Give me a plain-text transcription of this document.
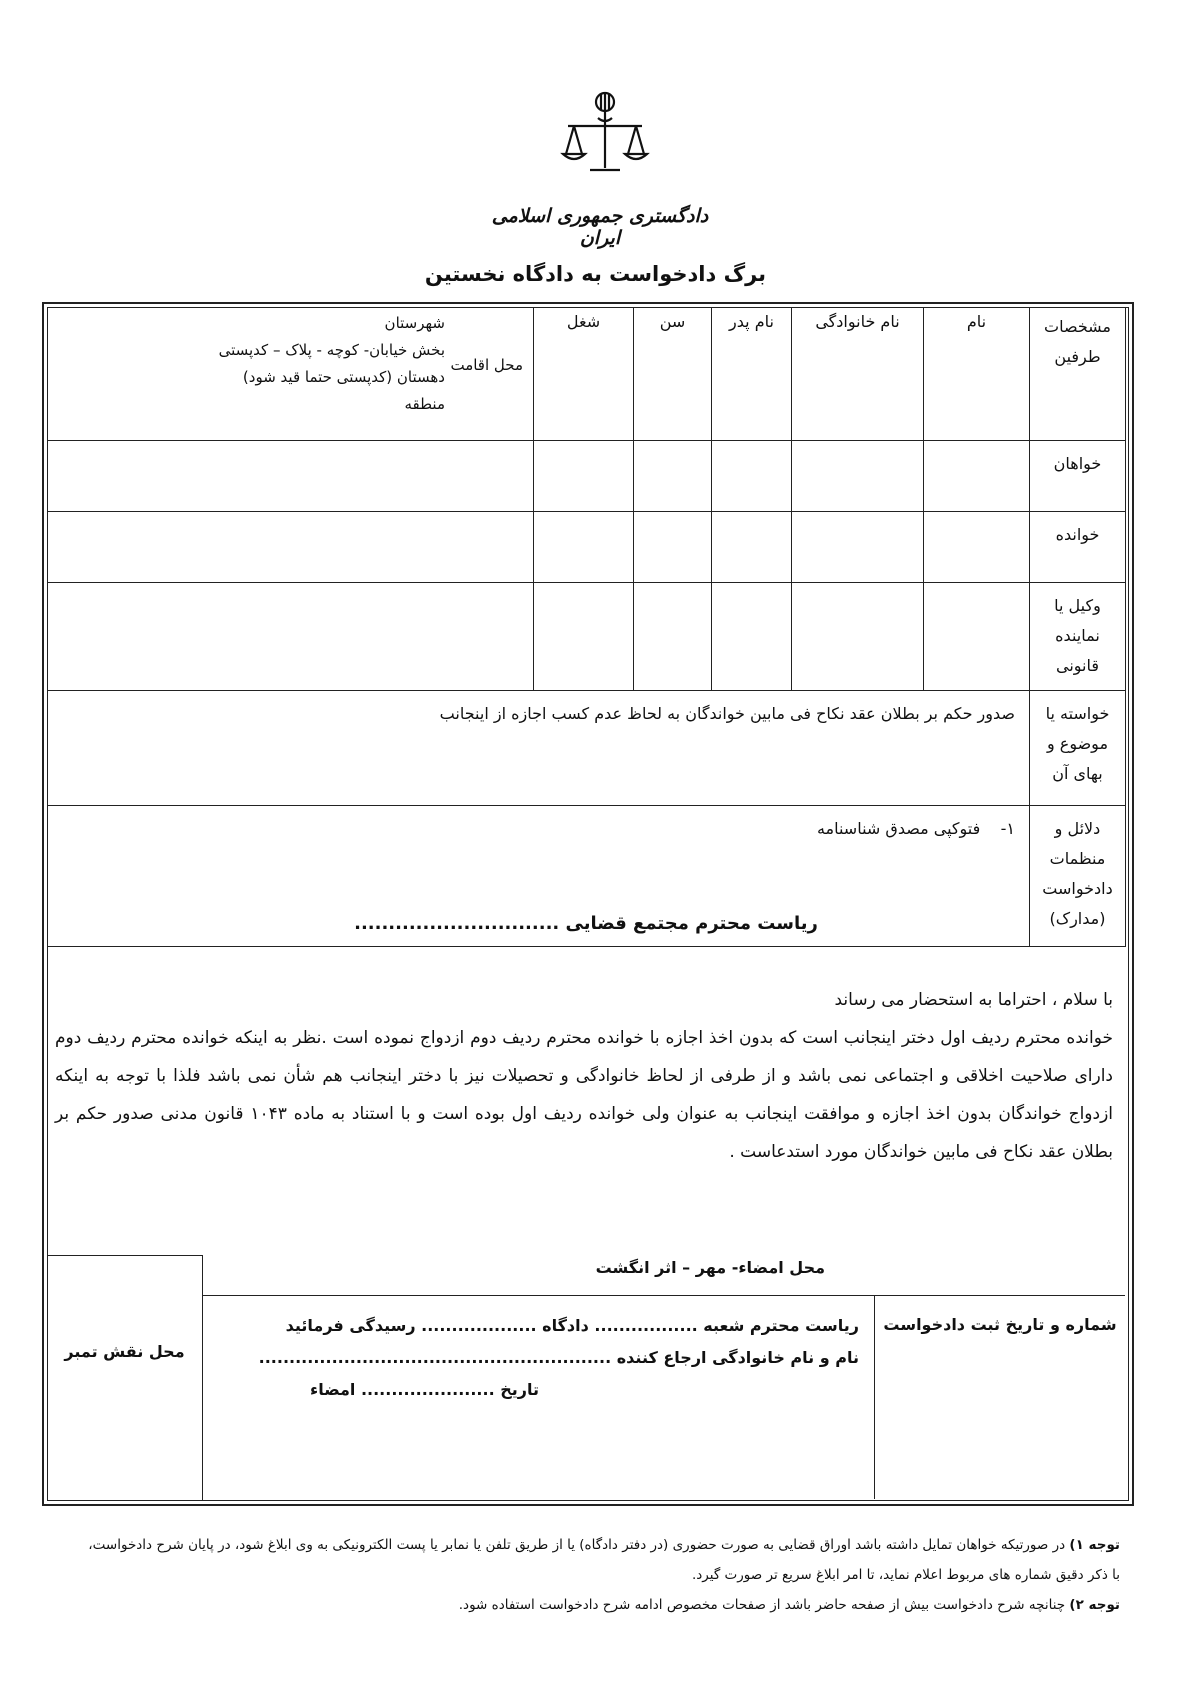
دادگستری جمهوری اسلامی ایران
برگ دادخواست به دادگاه نخستین
مشخصات طرفین	نام	نام خانوادگی	نام پدر	سن	شغل	محل اقامت
شهرستان
بخش خیابان- کوچه - پلاک – کدپستی
دهستان (کدپستی حتما قید شود)
منطقه

خواهان						
خوانده						
وکیل یا نماینده قانونی						
خواسته یا موضوع و بهای آن	صدور حکم بر بطلان عقد نکاح فی مابین خواندگان به لحاظ عدم کسب اجازه از اینجانب					
دلائل و منظمات دادخواست (مدارک)	۱-    فتوکپی مصدق شناسنامه					
ریاست محترم مجتمع قضایی ..............................
با سلام ، احتراما به استحضار می رساند
خوانده محترم ردیف اول دختر اینجانب است که بدون اخذ اجازه با خوانده محترم ردیف دوم ازدواج نموده است .نظر به اینکه خوانده محترم ردیف دوم دارای صلاحیت اخلاقی و اجتماعی نمی باشد و از طرفی از لحاظ خانوادگی و تحصیلات نیز با دختر اینجانب هم شأن نمی باشد فلذا با توجه به اینکه ازدواج خواندگان بدون اخذ اجازه و موافقت اینجانب به عنوان ولی خوانده ردیف اول بوده است و با استناد به ماده ۱۰۴۳ قانون مدنی صدور حکم بر بطلان عقد نکاح فی مابین خواندگان مورد استدعاست .
شماره و تاریخ ثبت دادخواست
محل امضاء- مهر – اثر انگشت
ریاست محترم شعبه ................. دادگاه ................... رسیدگی فرمائید
نام و نام خانوادگی ارجاع کننده ..........................................................
تاریخ ...................... امضاء
محل نقش تمبر
توجه ۱) در صورتیکه خواهان تمایل داشته باشد اوراق قضایی به صورت حضوری (در دفتر دادگاه) یا از طریق تلفن یا نمابر یا پست الکترونیکی به وی ابلاغ شود، در پایان شرح دادخواست، با ذکر دقیق شماره های مربوط اعلام نماید، تا امر ابلاغ سریع تر صورت گیرد.
توجه ۲) چنانچه شرح دادخواست بیش از صفحه حاضر باشد از صفحات مخصوص ادامه شرح دادخواست استفاده شود.
